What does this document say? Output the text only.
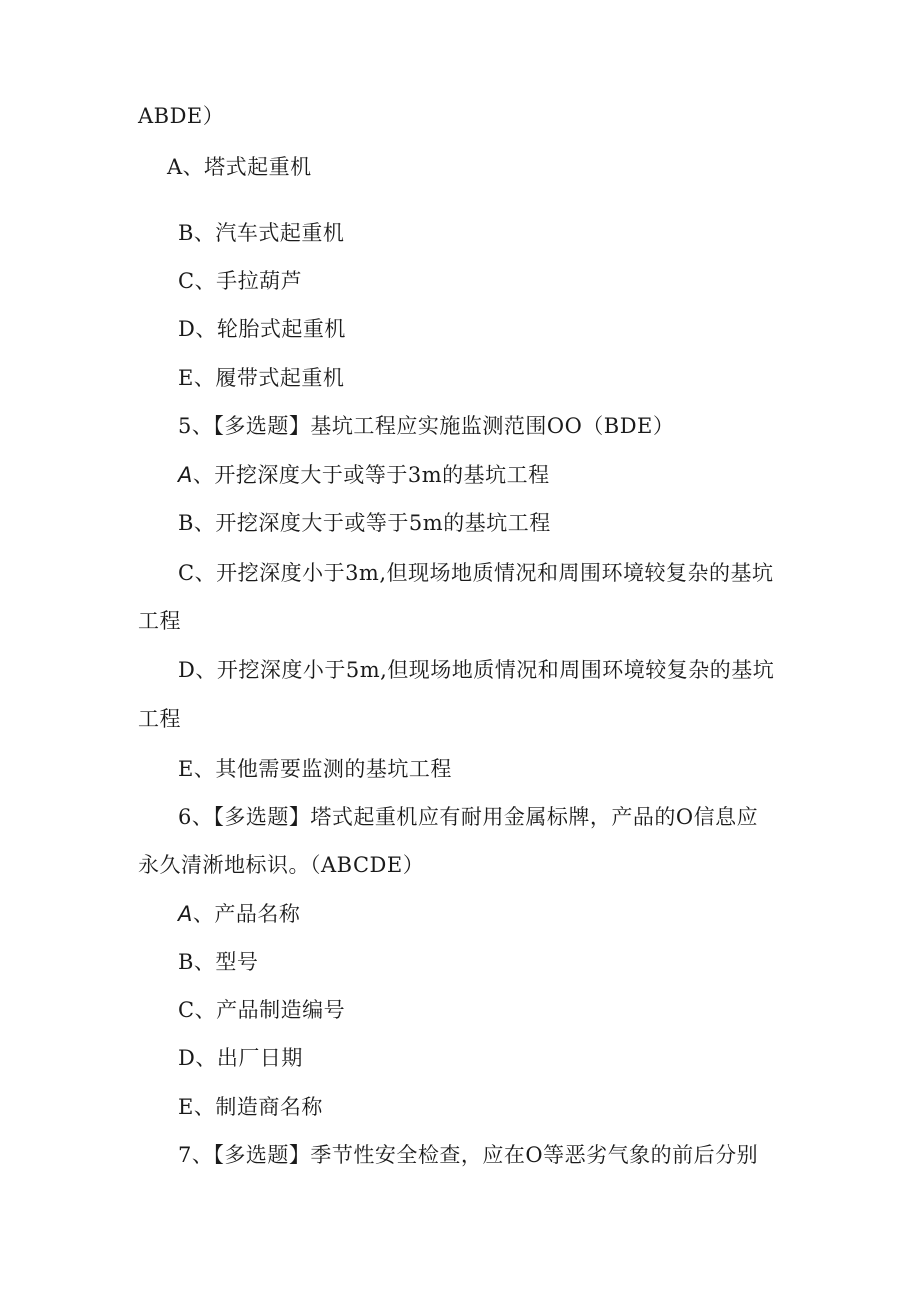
ABDE）
A、塔式起重机
B、汽车式起重机
C、手拉葫芦
D、轮胎式起重机
E、履带式起重机
5、【多选题】基坑工程应实施监测范围OO（BDE）
A、开挖深度大于或等于3m的基坑工程
B、开挖深度大于或等于5m的基坑工程
C、开挖深度小于3m,但现场地质情况和周围环境较复杂的基坑
工程
D、开挖深度小于5m,但现场地质情况和周围环境较复杂的基坑
工程
E、其他需要监测的基坑工程
6、【多选题】塔式起重机应有耐用金属标牌，产品的O信息应
永久清淅地标识。（ABCDE）
A、产品名称
B、型号
C、产品制造编号
D、出厂日期
E、制造商名称
7、【多选题】季节性安全检查，应在O等恶劣气象的前后分别
